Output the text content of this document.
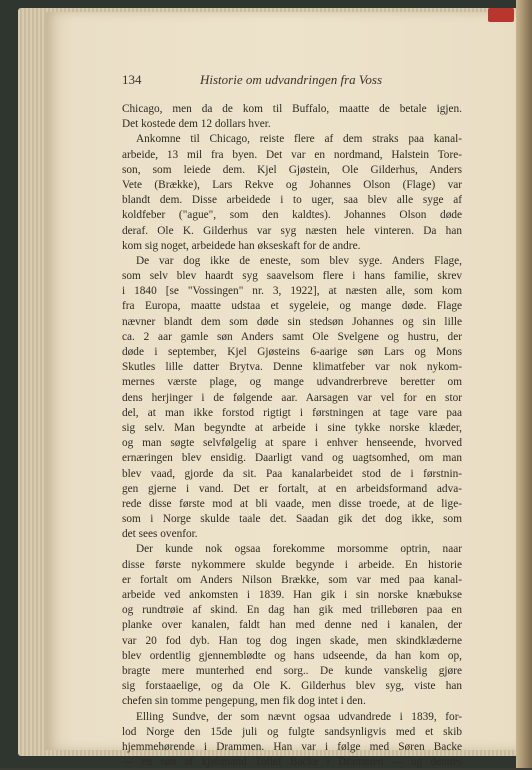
134	Historie om udvandringen fra Voss
Chicago, men da de kom til Buffalo, maatte de betale igjen.
Det kostede dem 12 dollars hver.
Ankomne til Chicago, reiste flere af dem straks paa kanal-
arbeide, 13 mil fra byen. Det var en nordmand, Halstein Tore-
son, som leiede dem. Kjel Gjøstein, Ole Gilderhus, Anders
Vete (Brække), Lars Rekve og Johannes Olson (Flage) var
blandt dem. Disse arbeidede i to uger, saa blev alle syge af
koldfeber ("ague", som den kaldtes). Johannes Olson døde
deraf. Ole K. Gilderhus var syg næsten hele vinteren. Da han
kom sig noget, arbeidede han økseskaft for de andre.
De var dog ikke de eneste, som blev syge. Anders Flage,
som selv blev haardt syg saavelsom flere i hans familie, skrev
i 1840 [se "Vossingen" nr. 3, 1922], at næsten alle, som kom
fra Europa, maatte udstaa et sygeleie, og mange døde. Flage
nævner blandt dem som døde sin stedsøn Johannes og sin lille
ca. 2 aar gamle søn Anders samt Ole Svelgene og hustru, der
døde i september, Kjel Gjøsteins 6-aarige søn Lars og Mons
Skutles lille datter Brytva. Denne klimatfeber var nok nykom-
mernes værste plage, og mange udvandrerbreve beretter om
dens herjinger i de følgende aar. Aarsagen var vel for en stor
del, at man ikke forstod rigtigt i førstningen at tage vare paa
sig selv. Man begyndte at arbeide i sine tykke norske klæder,
og man søgte selvfølgelig at spare i enhver henseende, hvorved
ernæringen blev ensidig. Daarligt vand og uagtsomhed, om man
blev vaad, gjorde da sit. Paa kanalarbeidet stod de i førstnin-
gen gjerne i vand. Det er fortalt, at en arbeidsformand adva-
rede disse første mod at bli vaade, men disse troede, at de lige-
som i Norge skulde taale det. Saadan gik det dog ikke, som
det sees ovenfor.
Der kunde nok ogsaa forekomme morsomme optrin, naar
disse første nykommere skulde begynde i arbeide. En historie
er fortalt om Anders Nilson Brække, som var med paa kanal-
arbeide ved ankomsten i 1839. Han gik i sin norske knæbukse
og rundtrøie af skind. En dag han gik med trillebøren paa en
planke over kanalen, faldt han med denne ned i kanalen, der
var 20 fod dyb. Han tog dog ingen skade, men skindklæderne
blev ordentlig gjennemblødte og hans udseende, da han kom op,
bragte mere munterhed end sorg.. De kunde vanskelig gjøre
sig forstaaelige, og da Ole K. Gilderhus blev syg, viste han
chefen sin tomme pengepung, men fik dog intet i den.
Elling Sundve, der som nævnt ogsaa udvandrede i 1839, for-
lod Norge den 15de juli og fulgte sandsynligvis med et skib
hjemmehørende i Drammen. Han var i følge med Søren Backe
— en søn af kjøbmand Tollef Backe i Drammen — og dennes
